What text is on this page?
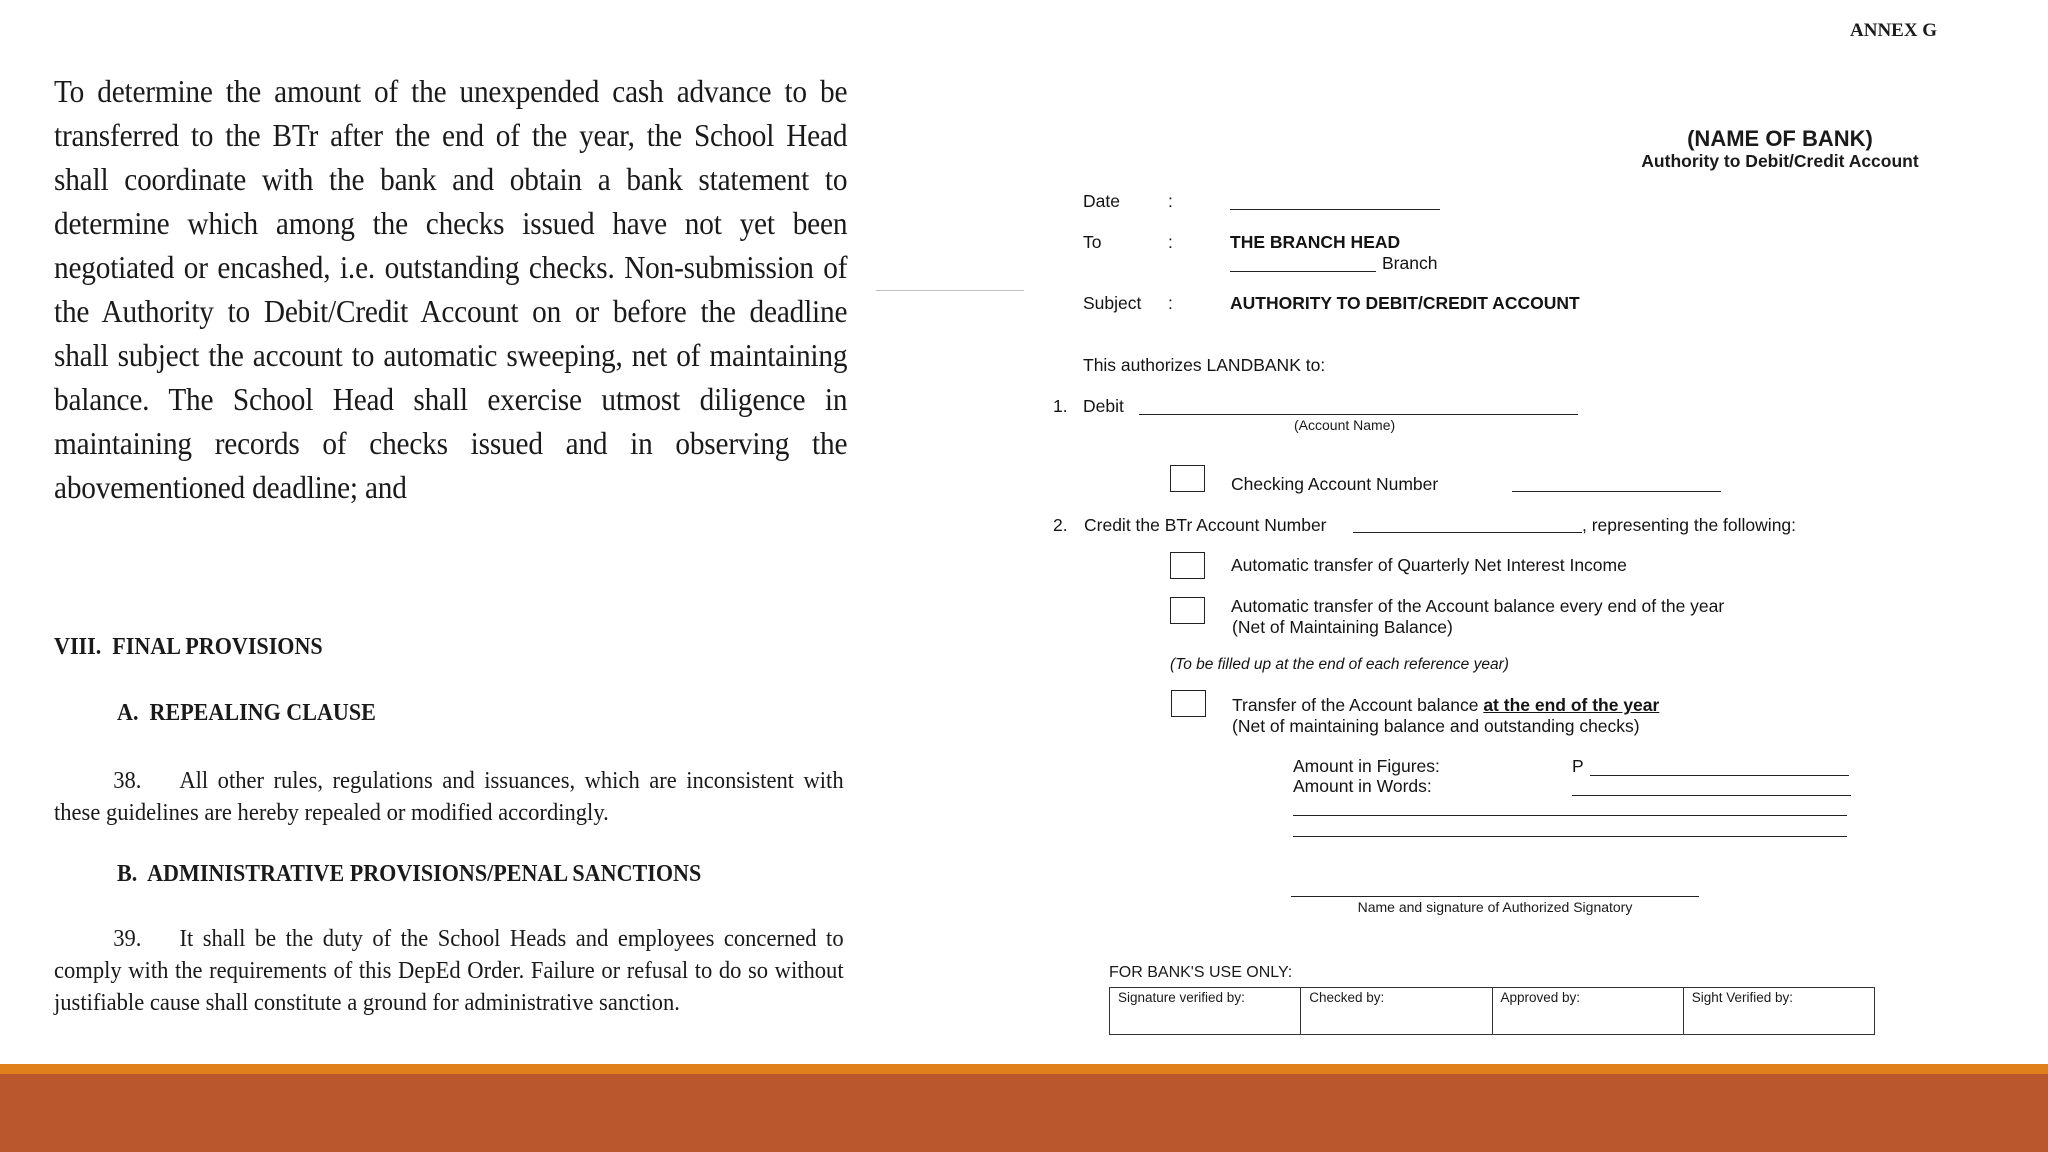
To determine the amount of the unexpended cash advance to be transferred to the BTr after the end of the year, the School Head shall coordinate with the bank and obtain a bank statement to determine which among the checks issued have not yet been negotiated or encashed, i.e. outstanding checks. Non-submission of the Authority to Debit/Credit Account on or before the deadline shall subject the account to automatic sweeping, net of maintaining balance. The School Head shall exercise utmost diligence in maintaining records of checks issued and in observing the abovementioned deadline; and
VIII. FINAL PROVISIONS
A. REPEALING CLAUSE
38.    All other rules, regulations and issuances, which are inconsistent with these guidelines are hereby repealed or modified accordingly.
B. ADMINISTRATIVE PROVISIONS/PENAL SANCTIONS
39.    It shall be the duty of the School Heads and employees concerned to comply with the requirements of this DepEd Order. Failure or refusal to do so without justifiable cause shall constitute a ground for administrative sanction.
ANNEX G
(NAME OF BANK)
Authority to Debit/Credit Account
Date	:
To	:	THE BRANCH HEAD
Branch
Subject :	AUTHORITY TO DEBIT/CREDIT ACCOUNT
This authorizes LANDBANK to:
1. Debit
(Account Name)
Checking Account Number
2. Credit the BTr Account Number	, representing the following:
Automatic transfer of Quarterly Net Interest Income
Automatic transfer of the Account balance every end of the year
(Net of Maintaining Balance)
(To be filled up at the end of each reference year)
Transfer of the Account balance at the end of the year
(Net of maintaining balance and outstanding checks)
Amount in Figures:	P
Amount in Words:
Name and signature of Authorized Signatory
FOR BANK'S USE ONLY:
Signature verified by:	Checked by:	Approved by:	Sight Verified by:
